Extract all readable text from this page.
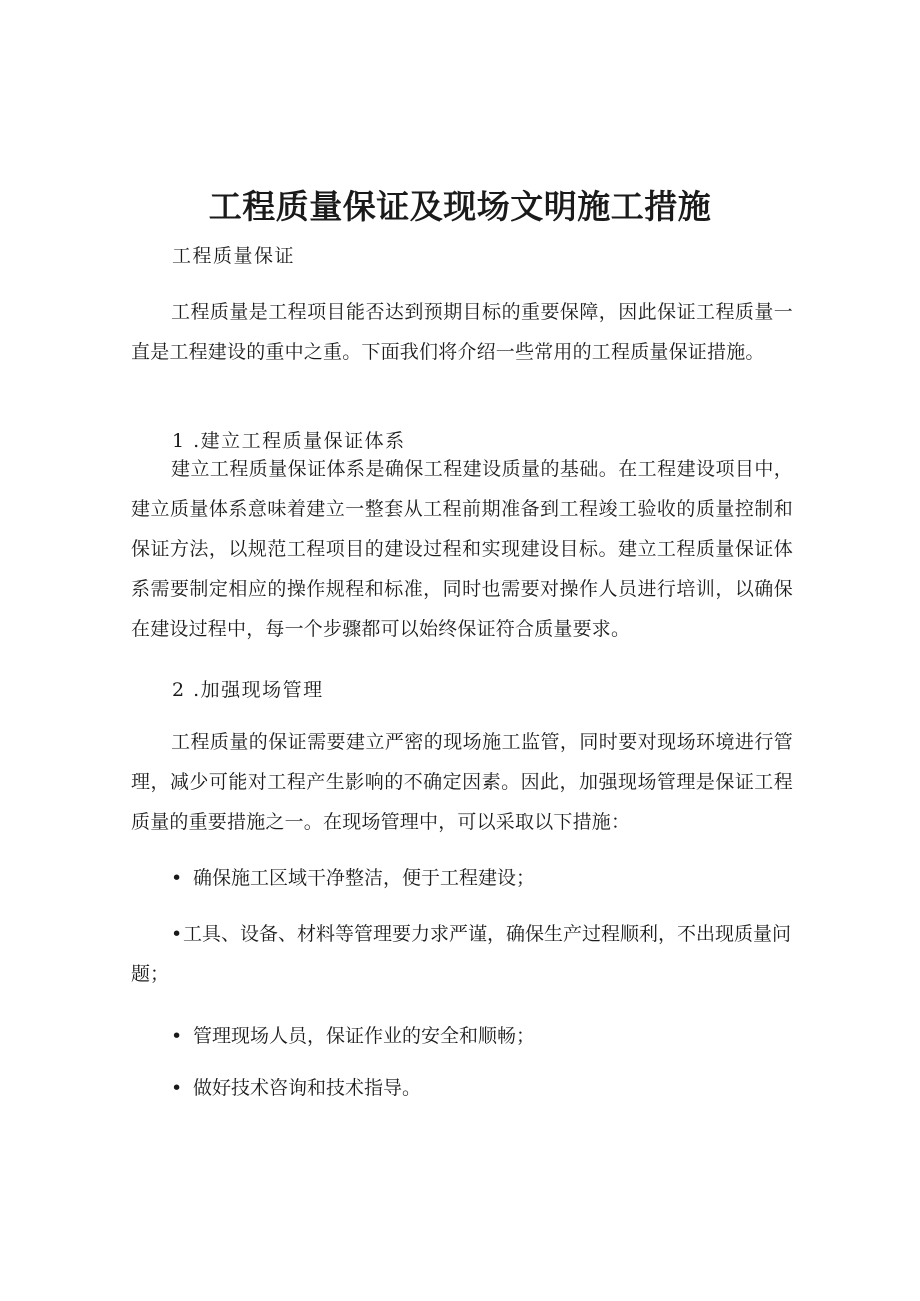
工程质量保证及现场文明施工措施

工程质量保证

工程质量是工程项目能否达到预期目标的重要保障，因此保证工程质量一直是工程建设的重中之重。下面我们将介绍一些常用的工程质量保证措施。

1 .建立工程质量保证体系

建立工程质量保证体系是确保工程建设质量的基础。在工程建设项目中，建立质量体系意味着建立一整套从工程前期准备到工程竣工验收的质量控制和保证方法，以规范工程项目的建设过程和实现建设目标。建立工程质量保证体系需要制定相应的操作规程和标准，同时也需要对操作人员进行培训，以确保在建设过程中，每一个步骤都可以始终保证符合质量要求。

2 .加强现场管理

工程质量的保证需要建立严密的现场施工监管，同时要对现场环境进行管理，减少可能对工程产生影响的不确定因素。因此，加强现场管理是保证工程质量的重要措施之一。在现场管理中，可以采取以下措施：

• 确保施工区域干净整洁，便于工程建设；

•工具、设备、材料等管理要力求严谨，确保生产过程顺利，不出现质量问题；

• 管理现场人员，保证作业的安全和顺畅；

• 做好技术咨询和技术指导。
